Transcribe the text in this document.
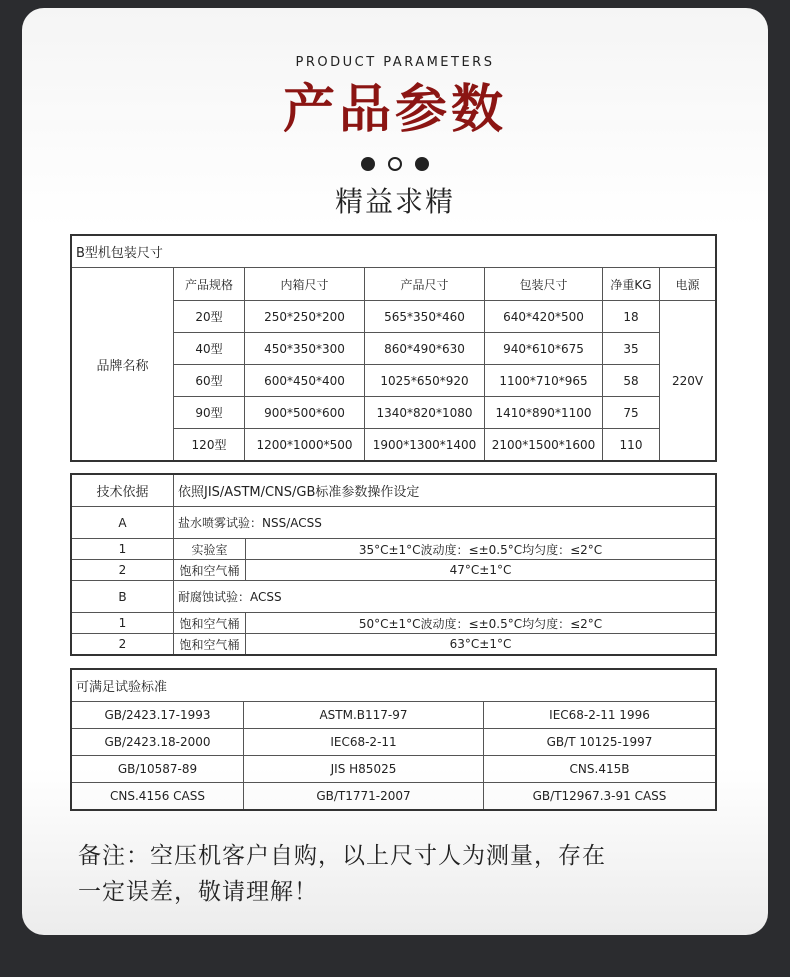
PRODUCT PARAMETERS
产品参数
精益求精
B型机包装尺寸						
品牌名称	产品规格	内箱尺寸	产品尺寸	包装尺寸	净重KG	电源
	20型	250*250*200	565*350*460	640*420*500	18	220V
	40型	450*350*300	860*490*630	940*610*675	35	
	60型	600*450*400	1025*650*920	1100*710*965	58	
	90型	900*500*600	1340*820*1080	1410*890*1100	75	
	120型	1200*1000*500	1900*1300*1400	2100*1500*1600	110	
技术依据	依照JIS/ASTM/CNS/GB标准参数操作设定	
A	盐水喷雾试验：NSS/ACSS	
1	实验室	35°C±1°C波动度：≤±0.5°C均匀度：≤2°C
2	饱和空气桶	47°C±1°C
B	耐腐蚀试验：ACSS	
1	饱和空气桶	50°C±1°C波动度：≤±0.5°C均匀度：≤2°C
2	饱和空气桶	63°C±1°C
可满足试验标准		
GB/2423.17-1993	ASTM.B117-97	IEC68-2-11 1996
GB/2423.18-2000	IEC68-2-11	GB/T 10125-1997
GB/10587-89	JIS H85025	CNS.415B
CNS.4156 CASS	GB/T1771-2007	GB/T12967.3-91 CASS
备注：空压机客户自购，以上尺寸人为测量，存在
一定误差，敬请理解！
